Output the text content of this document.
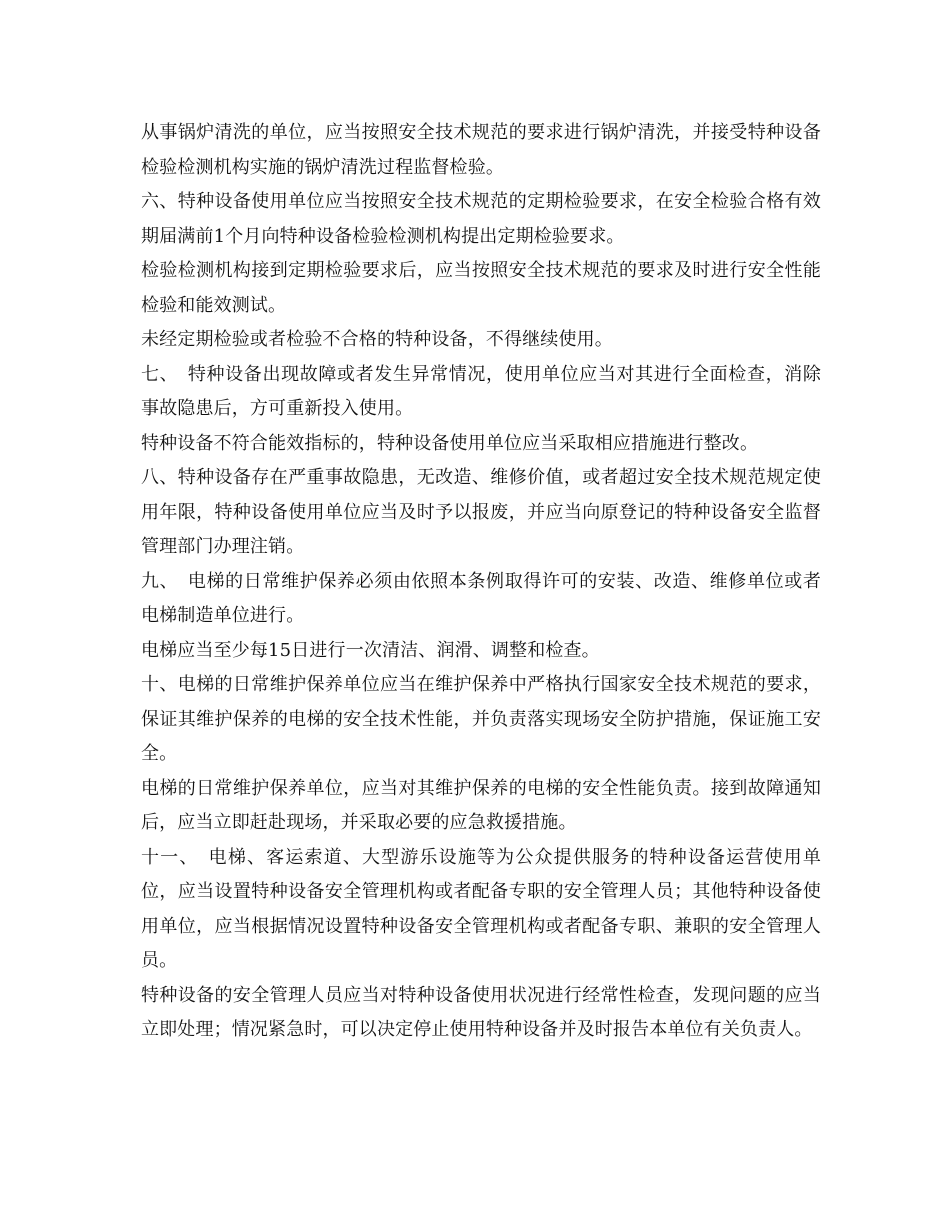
从事锅炉清洗的单位，应当按照安全技术规范的要求进行锅炉清洗，并接受特种设备检验检测机构实施的锅炉清洗过程监督检验。

六、特种设备使用单位应当按照安全技术规范的定期检验要求，在安全检验合格有效期届满前1个月向特种设备检验检测机构提出定期检验要求。

检验检测机构接到定期检验要求后，应当按照安全技术规范的要求及时进行安全性能检验和能效测试。

未经定期检验或者检验不合格的特种设备，不得继续使用。

七、　特种设备出现故障或者发生异常情况，使用单位应当对其进行全面检查，消除事故隐患后，方可重新投入使用。

特种设备不符合能效指标的，特种设备使用单位应当采取相应措施进行整改。

八、特种设备存在严重事故隐患，无改造、维修价值，或者超过安全技术规范规定使用年限，特种设备使用单位应当及时予以报废，并应当向原登记的特种设备安全监督管理部门办理注销。

九、　电梯的日常维护保养必须由依照本条例取得许可的安装、改造、维修单位或者电梯制造单位进行。

电梯应当至少每15日进行一次清洁、润滑、调整和检查。

十、电梯的日常维护保养单位应当在维护保养中严格执行国家安全技术规范的要求，保证其维护保养的电梯的安全技术性能，并负责落实现场安全防护措施，保证施工安全。

电梯的日常维护保养单位，应当对其维护保养的电梯的安全性能负责。接到故障通知后，应当立即赶赴现场，并采取必要的应急救援措施。

十一、　电梯、客运索道、大型游乐设施等为公众提供服务的特种设备运营使用单位，应当设置特种设备安全管理机构或者配备专职的安全管理人员；其他特种设备使用单位，应当根据情况设置特种设备安全管理机构或者配备专职、兼职的安全管理人员。

特种设备的安全管理人员应当对特种设备使用状况进行经常性检查，发现问题的应当立即处理；情况紧急时，可以决定停止使用特种设备并及时报告本单位有关负责人。
